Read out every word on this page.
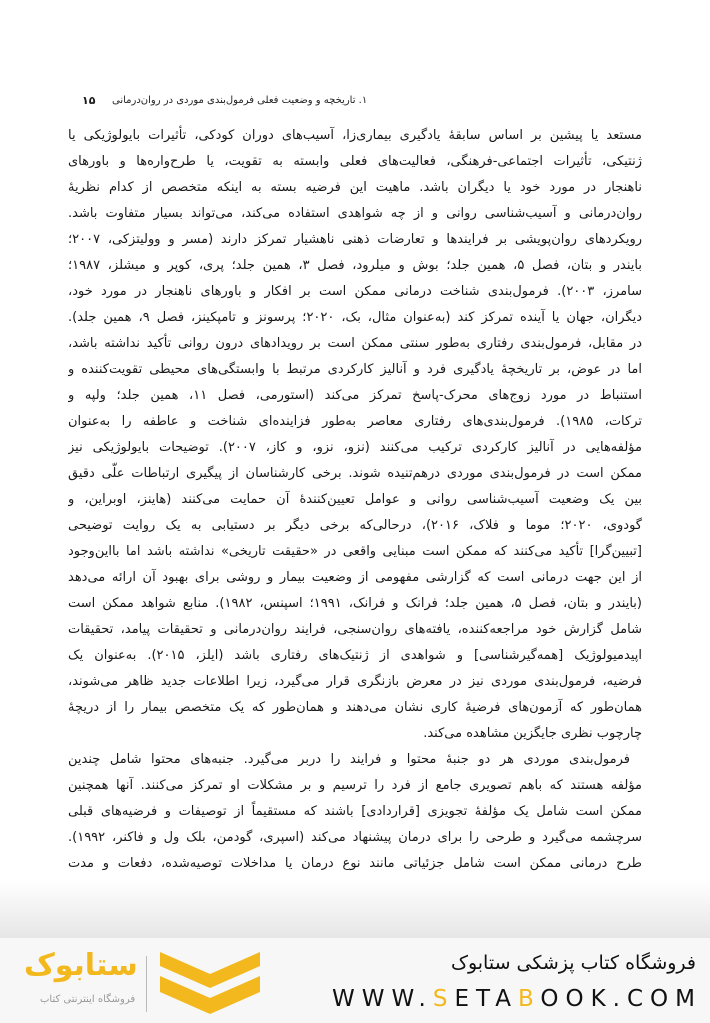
۱. تاریخچه و وضعیت فعلی فرمول‌بندی موردی در روان‌درمانی
۱۵
مستعد یا پیشین بر اساس سابقهٔ یادگیری بیماری‌زا، آسیب‌های دوران کودکی، تأثیرات بایولوژیکی یا
ژنتیکی، تأثیرات اجتماعی-فرهنگی، فعالیت‌های فعلی وابسته به تقویت، یا طرح‌واره‌ها و باورهای
ناهنجار در مورد خود یا دیگران باشد. ماهیت این فرضیه بسته به اینکه متخصص از کدام نظریهٔ
روان‌درمانی و آسیب‌شناسی روانی و از چه شواهدی استفاده می‌کند، می‌تواند بسیار متفاوت باشد.
رویکردهای روان‌پویشی بر فرایندها و تعارضات ذهنی ناهشیار تمرکز دارند (مسر و وولیتزکی، ۲۰۰۷؛
بایندر و بتان، فصل ۵، همین جلد؛ بوش و میلرود، فصل ۳، همین جلد؛ پری، کوپر و میشلز، ۱۹۸۷؛
سامرز، ۲۰۰۳). فرمول‌بندی شناخت درمانی ممکن است بر افکار و باورهای ناهنجار در مورد خود،
دیگران، جهان یا آینده تمرکز کند (به‌عنوان مثال، بک، ۲۰۲۰؛ پرسونز و تامپکینز، فصل ۹، همین جلد).
در مقابل، فرمول‌بندی رفتاری به‌طور سنتی ممکن است بر رویدادهای درون روانی تأکید نداشته باشد،
اما در عوض، بر تاریخچهٔ یادگیری فرد و آنالیز کارکردی مرتبط با وابستگی‌های محیطی تقویت‌کننده و
استنباط در مورد زوج‌های محرک-پاسخ تمرکز می‌کند (استورمی، فصل ۱۱، همین جلد؛ ولپه و
ترکات، ۱۹۸۵). فرمول‌بندی‌های رفتاری معاصر به‌طور فزاینده‌ای شناخت و عاطفه را به‌عنوان
مؤلفه‌هایی در آنالیز کارکردی ترکیب می‌کنند (نزو، نزو، و کاز، ۲۰۰۷). توضیحات بایولوژیکی نیز
ممکن است در فرمول‌بندی موردی درهم‌تنیده شوند. برخی کارشناسان از پیگیری ارتباطات علّی دقیق
بین یک وضعیت آسیب‌شناسی روانی و عوامل تعیین‌کنندهٔ آن حمایت می‌کنند (هاینز، اوبراین، و
گودوی، ۲۰۲۰؛ موما و فلاک، ۲۰۱۶)، درحالی‌که برخی دیگر بر دستیابی به یک روایت توضیحی
[تبیین‌گرا] تأکید می‌کنند که ممکن است مبنایی واقعی در «حقیقت تاریخی» نداشته باشد اما بااین‌وجود
از این جهت درمانی است که گزارشی مفهومی از وضعیت بیمار و روشی برای بهبود آن ارائه می‌دهد
(بایندر و بتان، فصل ۵، همین جلد؛ فرانک و فرانک، ۱۹۹۱؛ اسپنس، ۱۹۸۲). منابع شواهد ممکن است
شامل گزارش خود مراجعه‌کننده، یافته‌های روان‌سنجی، فرایند روان‌درمانی و تحقیقات پیامد، تحقیقات
اپیدمیولوژیک [همه‌گیرشناسی] و شواهدی از ژنتیک‌های رفتاری باشد (ایلز، ۲۰۱۵). به‌عنوان یک
فرضیه، فرمول‌بندی موردی نیز در معرض بازنگری قرار می‌گیرد، زیرا اطلاعات جدید ظاهر می‌شوند،
همان‌طور که آزمون‌های فرضیهٔ کاری نشان می‌دهند و همان‌طور که یک متخصص بیمار را از دریچهٔ
چارچوب نظری جایگزین مشاهده می‌کند.
فرمول‌بندی موردی هر دو جنبهٔ محتوا و فرایند را دربر می‌گیرد. جنبه‌های محتوا شامل چندین
مؤلفه هستند که باهم تصویری جامع از فرد را ترسیم و بر مشکلات او تمرکز می‌کنند. آنها همچنین
ممکن است شامل یک مؤلفهٔ تجویزی [قراردادی] باشند که مستقیماً از توصیفات و فرضیه‌های قبلی
سرچشمه می‌گیرد و طرحی را برای درمان پیشنهاد می‌کند (اسپری، گودمن، بلک ول و فاکنر، ۱۹۹۲).
طرح درمانی ممکن است شامل جزئیاتی مانند نوع درمان یا مداخلات توصیه‌شده، دفعات و مدت
ستابوک
فروشگاه اینترنتی کتاب
فروشگاه کتاب پزشکی ستابوک
WWW.SETABOOK.COM
